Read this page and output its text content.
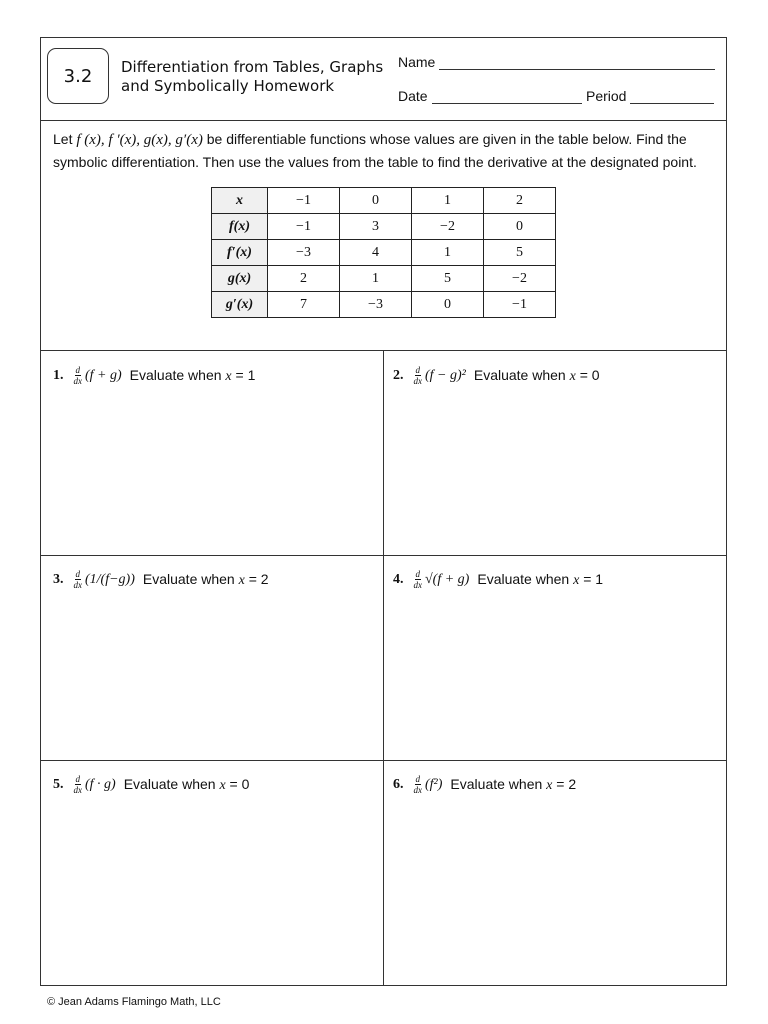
3.2	Differentiation from Tables, Graphs
and Symbolically Homework
Name
Date	Period
Let f (x), f ′(x), g(x), g′(x) be differentiable functions whose values are given in the table below. Find the symbolic differentiation. Then use the values from the table to find the derivative at the designated point.
x	−1	0	1	2
f(x)	−1	3	−2	0
f′(x)	−3	4	1	5
g(x)	2	1	5	−2
g′(x)	7	−3	0	−1
1. $\frac{d}{dx} (f + g)$ Evaluate when x = 1	2. $\frac{d}{dx} (f - g)^2$ Evaluate when x = 0
3. $\frac{d}{dx} (1/(f-g))$ Evaluate when x = 2	4. $\frac{d}{dx} √(f + g)$ Evaluate when x = 1
5. $\frac{d}{dx} (f \cdot g)$ Evaluate when x = 0	6. $\frac{d}{dx} (f^2)$ Evaluate when x = 2
© Jean Adams Flamingo Math, LLC
